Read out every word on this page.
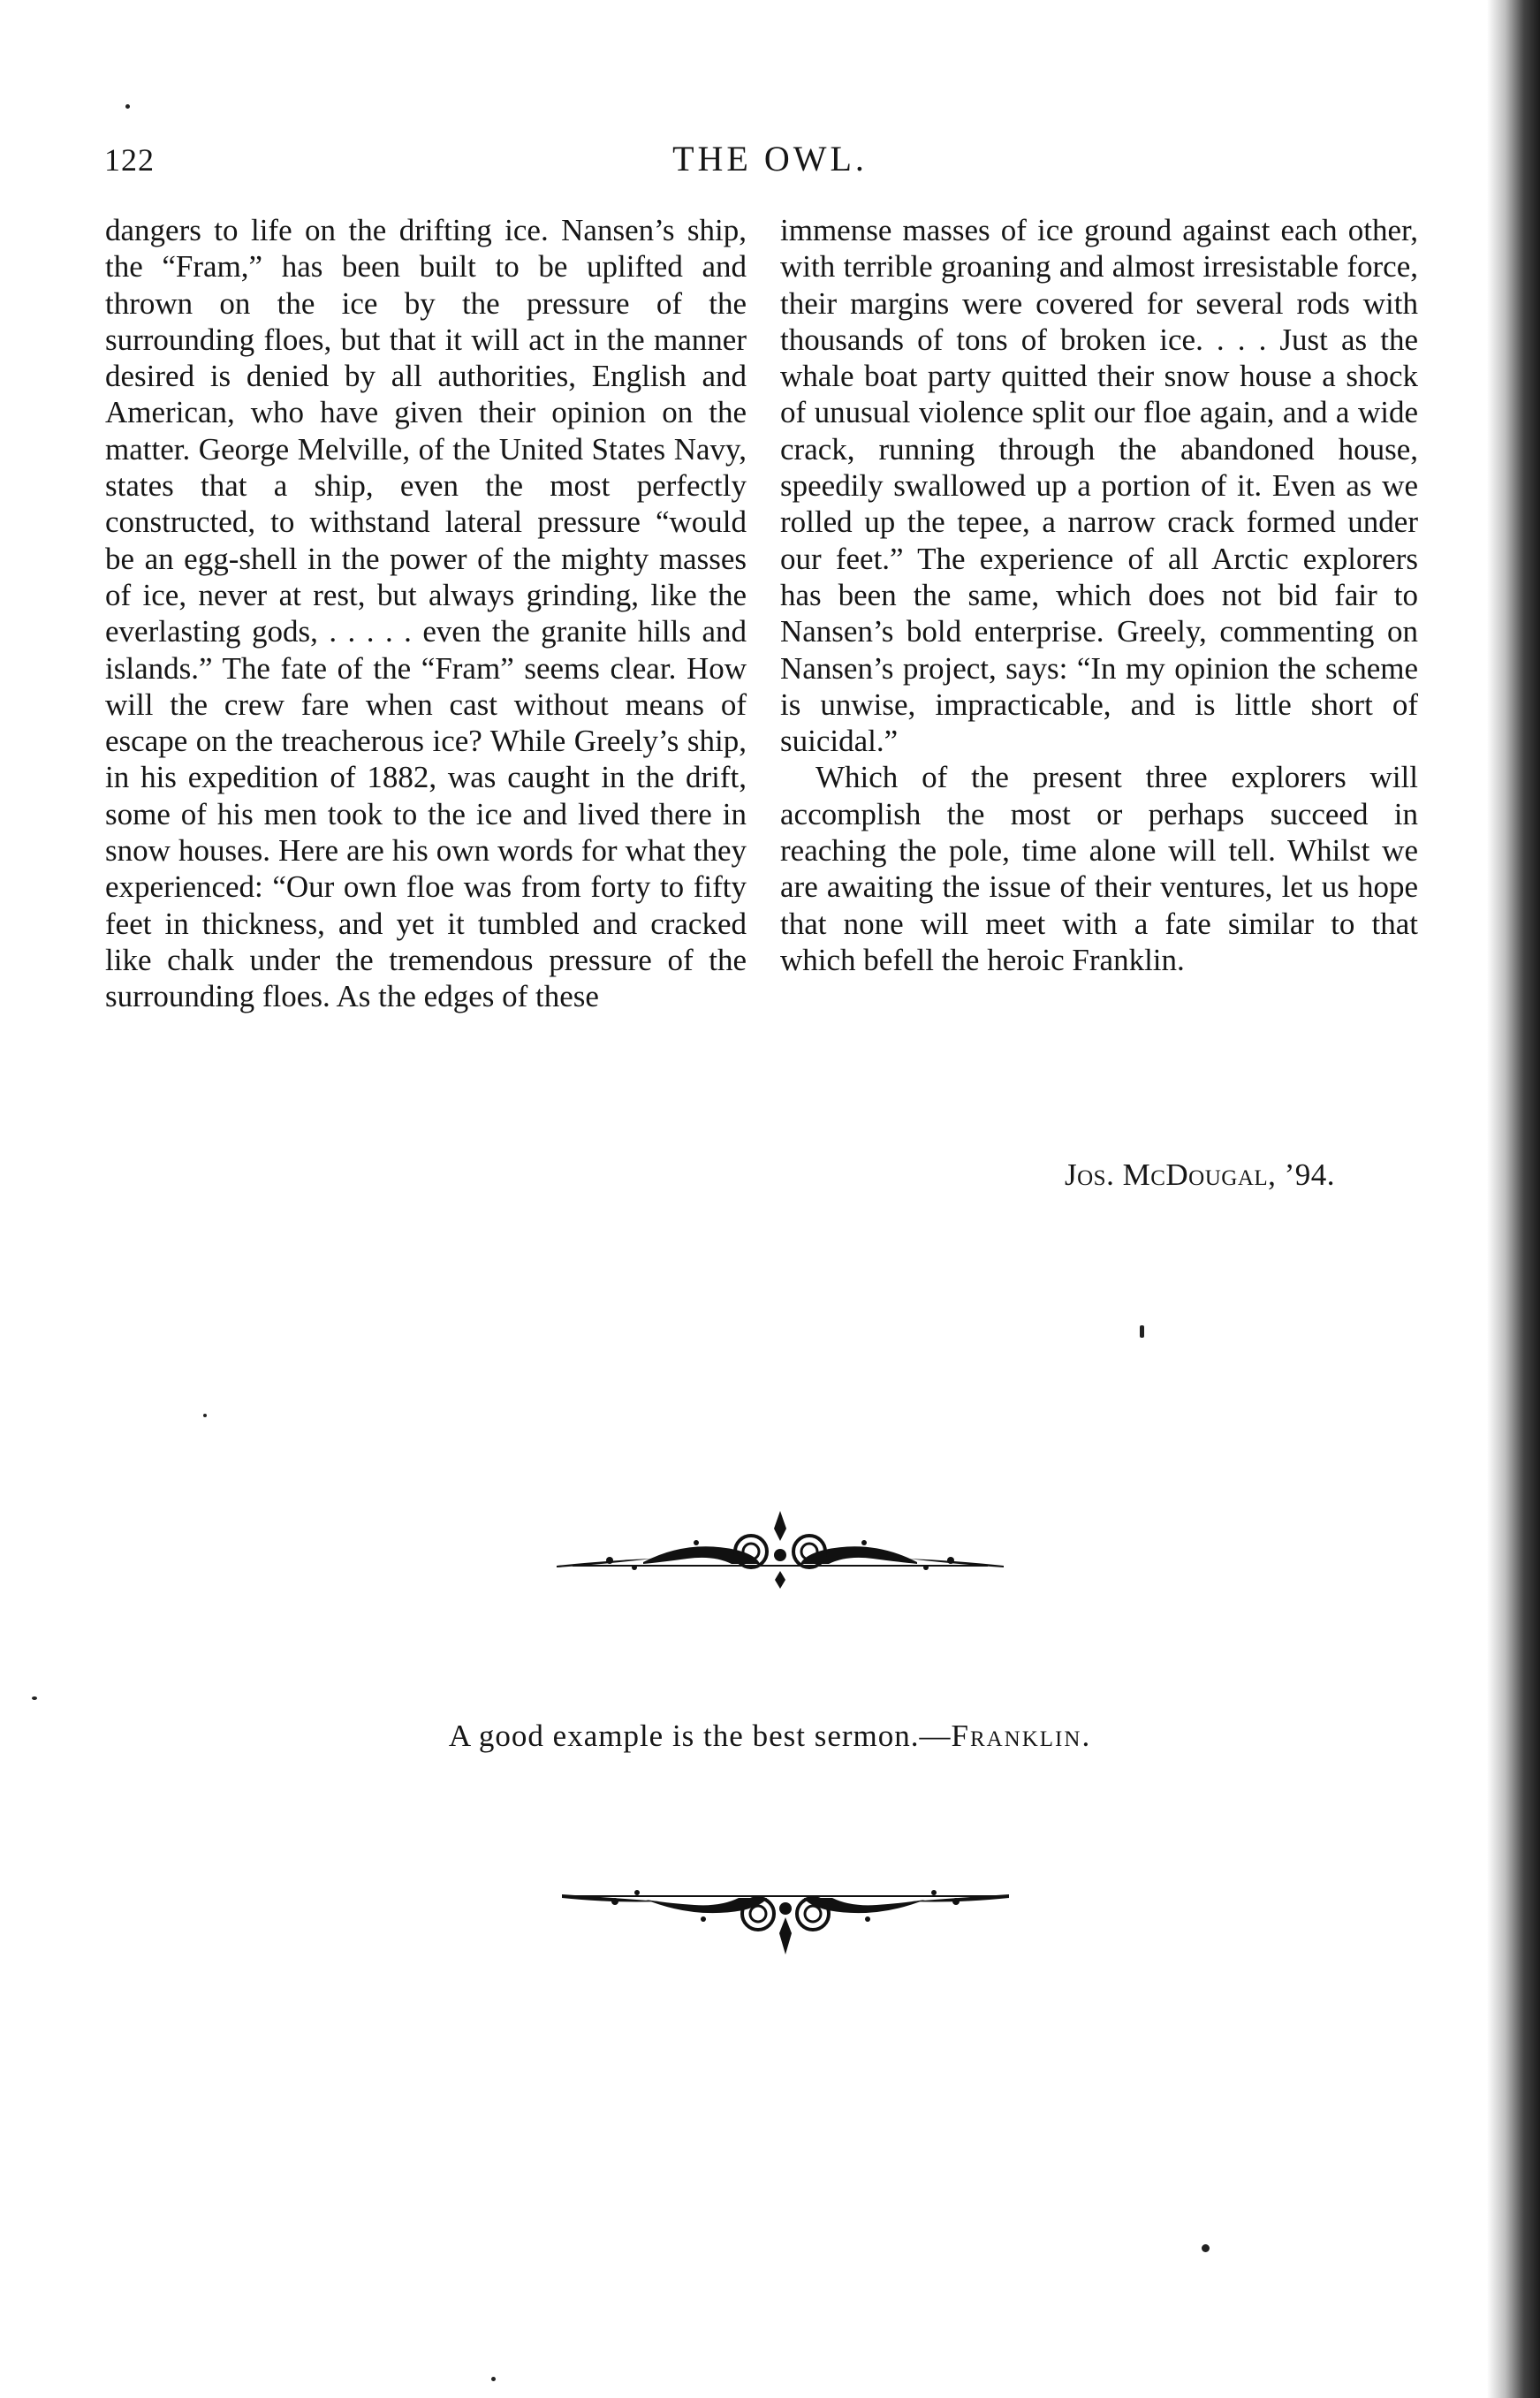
122	THE OWL.

dangers to life on the drifting ice. Nansen’s ship, the “Fram,” has been built to be uplifted and thrown on the ice by the pressure of the surrounding floes, but that it will act in the manner desired is denied by all authorities, English and American, who have given their opinion on the matter. George Melville, of the United States Navy, states that a ship, even the most perfectly constructed, to withstand lateral pressure “would be an egg-shell in the power of the mighty masses of ice, never at rest, but always grinding, like the everlasting gods, . . . . . even the granite hills and islands.” The fate of the “Fram” seems clear. How will the crew fare when cast without means of escape on the treacherous ice? While Greely’s ship, in his expedition of 1882, was caught in the drift, some of his men took to the ice and lived there in snow houses. Here are his own words for what they experienced: “Our own floe was from forty to fifty feet in thickness, and yet it tumbled and cracked like chalk under the tremendous pressure of the surrounding floes. As the edges of these

immense masses of ice ground against each other, with terrible groaning and almost irresistable force, their margins were covered for several rods with thousands of tons of broken ice. . . . Just as the whale boat party quitted their snow house a shock of unusual violence split our floe again, and a wide crack, running through the abandoned house, speedily swallowed up a portion of it. Even as we rolled up the tepee, a narrow crack formed under our feet.” The experience of all Arctic explorers has been the same, which does not bid fair to Nansen’s bold enterprise. Greely, commenting on Nansen’s project, says: “In my opinion the scheme is unwise, impracticable, and is little short of suicidal.”

Which of the present three explorers will accomplish the most or perhaps succeed in reaching the pole, time alone will tell. Whilst we are awaiting the issue of their ventures, let us hope that none will meet with a fate similar to that which befell the heroic Franklin.

Jos. McDougal, ’94.
A good example is the best sermon.—Franklin.
